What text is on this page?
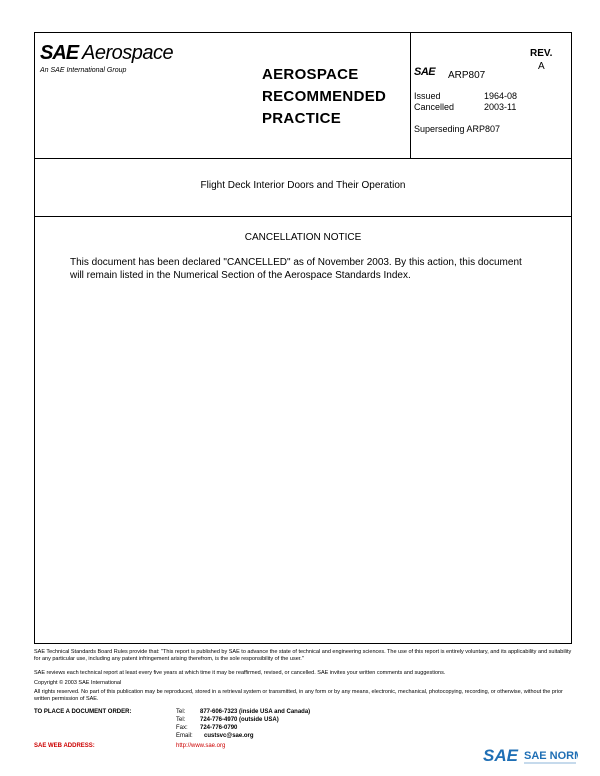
SAE Aerospace
An SAE International Group	AEROSPACE
RECOMMENDED
PRACTICE
SAE ARP807
REV.
A
Issued	1964-08
Cancelled	2003-11
Superseding ARP807
Flight Deck Interior Doors and Their Operation
CANCELLATION NOTICE
This document has been declared "CANCELLED" as of November 2003. By this action, this document will remain listed in the Numerical Section of the Aerospace Standards Index.
SAE Technical Standards Board Rules provide that: "This report is published by SAE to advance the state of technical and engineering sciences. The use of this report is entirely voluntary, and its applicability and suitability for any particular use, including any patent infringement arising therefrom, is the sole responsibility of the user."
SAE reviews each technical report at least every five years at which time it may be reaffirmed, revised, or cancelled. SAE invites your written comments and suggestions.
Copyright © 2003 SAE International
All rights reserved. No part of this publication may be reproduced, stored in a retrieval system or transmitted, in any form or by any means, electronic, mechanical, photocopying, recording, or otherwise, without the prior written permission of SAE.
TO PLACE A DOCUMENT ORDER:	Tel: 877-606-7323 (inside USA and Canada)
Tel: 724-776-4970 (outside USA)
Fax: 724-776-0790
Email: custsvc@sae.org
SAE WEB ADDRESS:	http://www.sae.org	SAE SAE NORM
